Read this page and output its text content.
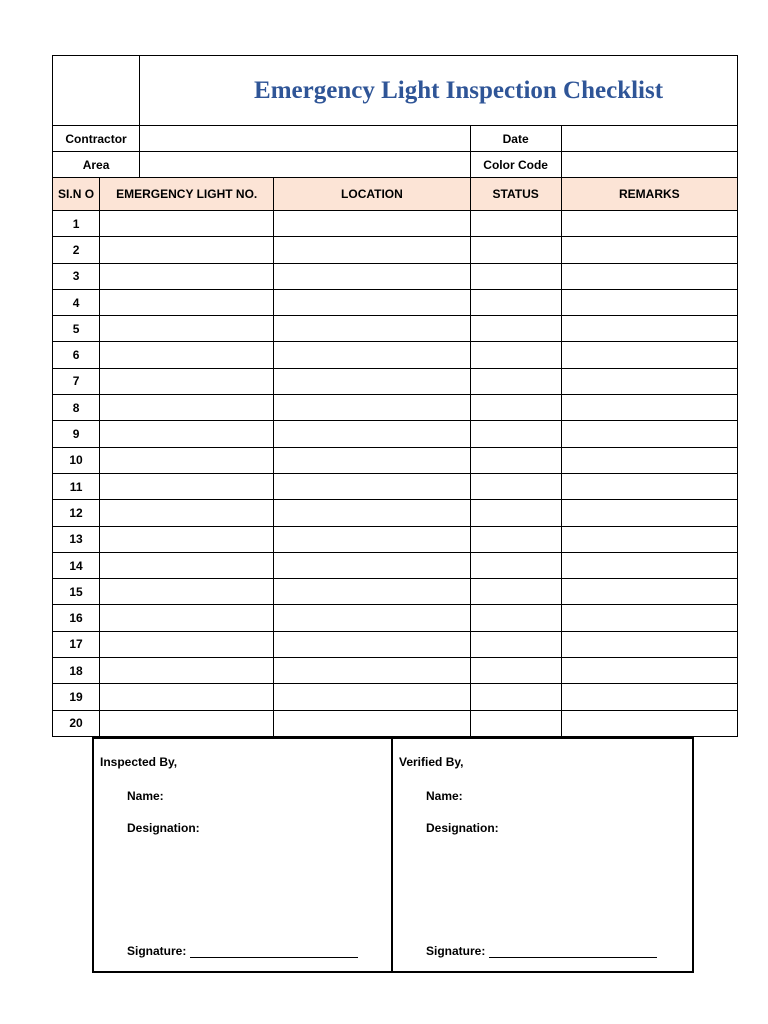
		Emergency Light Inspection Checklist			
Contractor				Date	
Area				Color Code	
SI.N O	EMERGENCY LIGHT NO.		LOCATION	STATUS	REMARKS
1					
2					
3					
4					
5					
6					
7					
8					
9					
10					
11					
12					
13					
14					
15					
16					
17					
18					
19					
20					
Inspected By,
Name:
Designation:
Signature:
Verified By,
Name:
Designation:
Signature:
